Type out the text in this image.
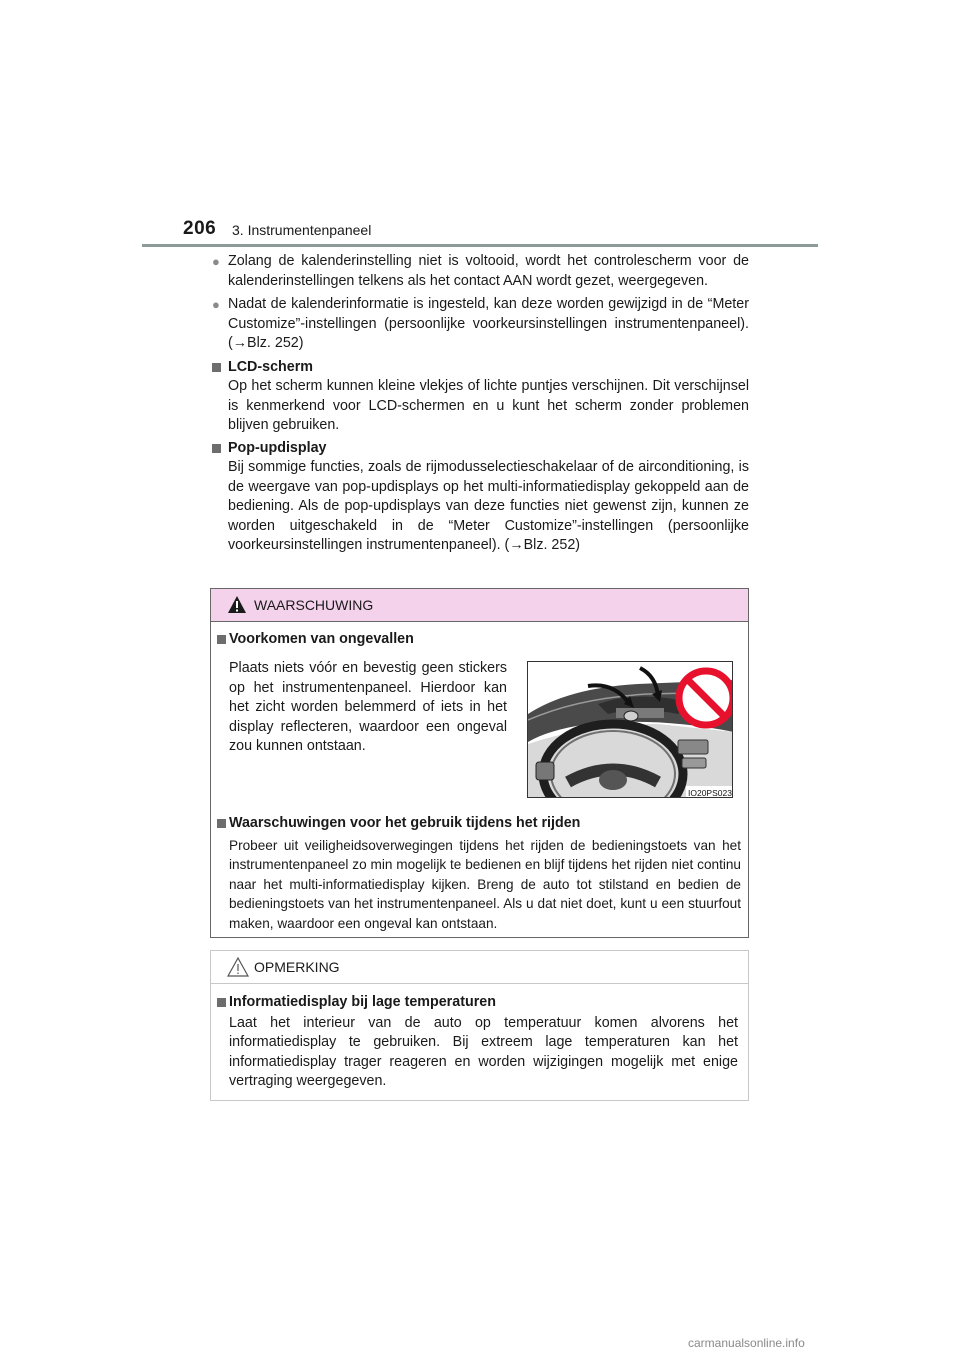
206 3. Instrumentenpaneel
● Zolang de kalenderinstelling niet is voltooid, wordt het controlescherm voor de kalenderinstellingen telkens als het contact AAN wordt gezet, weergegeven.
● Nadat de kalenderinformatie is ingesteld, kan deze worden gewijzigd in de “Meter Customize”-instellingen (persoonlijke voorkeursinstellingen instrumentenpaneel). (→Blz. 252)
LCD-scherm
Op het scherm kunnen kleine vlekjes of lichte puntjes verschijnen. Dit verschijnsel is kenmerkend voor LCD-schermen en u kunt het scherm zonder problemen blijven gebruiken.
Pop-updisplay
Bij sommige functies, zoals de rijmodusselectieschakelaar of de airconditioning, is de weergave van pop-updisplays op het multi-informatiedisplay gekoppeld aan de bediening. Als de pop-updisplays van deze functies niet gewenst zijn, kunnen ze worden uitgeschakeld in de “Meter Customize”-instellingen (persoonlijke voorkeursinstellingen instrumentenpaneel). (→Blz. 252)
WAARSCHUWING
Voorkomen van ongevallen
Plaats niets vóór en bevestig geen stickers op het instrumentenpaneel. Hierdoor kan het zicht worden belemmerd of iets in het display reflecteren, waardoor een ongeval zou kunnen ontstaan.
IO20PS023
Waarschuwingen voor het gebruik tijdens het rijden
Probeer uit veiligheidsoverwegingen tijdens het rijden de bedieningstoets van het instrumentenpaneel zo min mogelijk te bedienen en blijf tijdens het rijden niet continu naar het multi-informatiedisplay kijken. Breng de auto tot stilstand en bedien de bedieningstoets van het instrumentenpaneel. Als u dat niet doet, kunt u een stuurfout maken, waardoor een ongeval kan ontstaan.
OPMERKING
Informatiedisplay bij lage temperaturen
Laat het interieur van de auto op temperatuur komen alvorens het informatiedisplay te gebruiken. Bij extreem lage temperaturen kan het informatiedisplay trager reageren en worden wijzigingen mogelijk met enige vertraging weergegeven.
carmanualsonline.info
